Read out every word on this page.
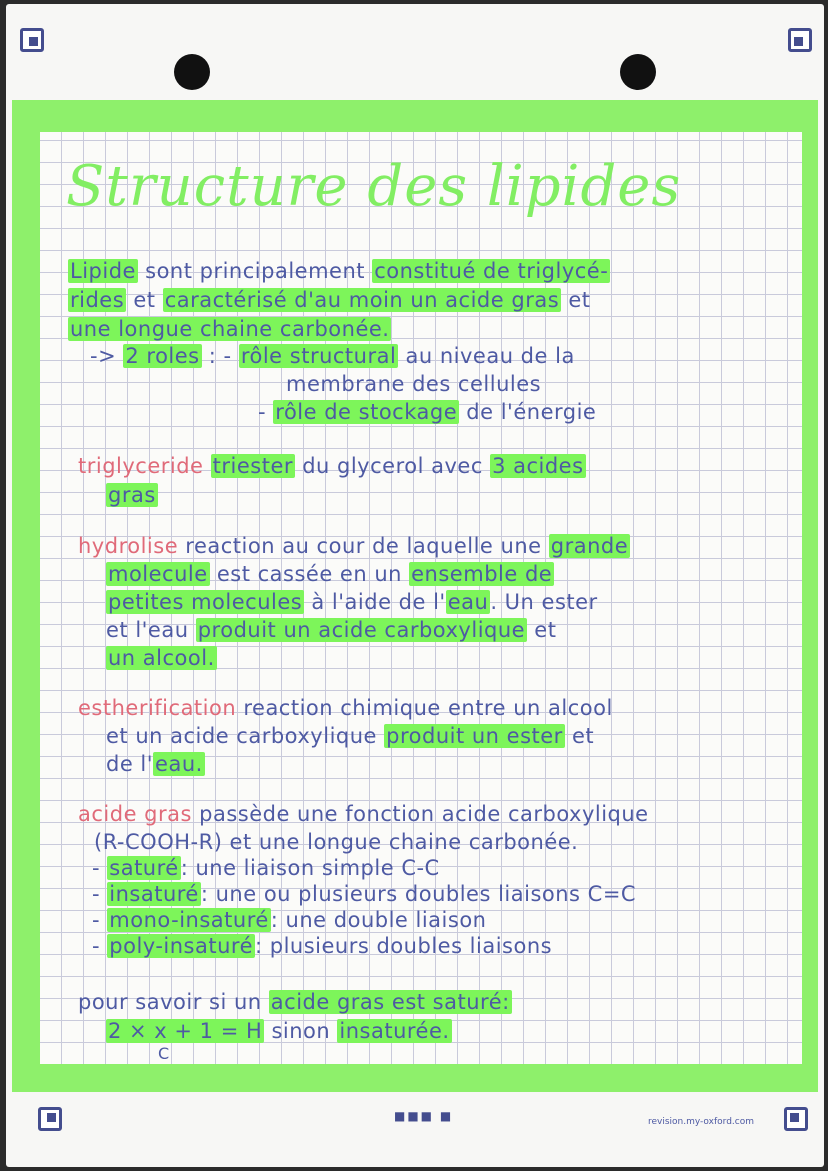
Structure des lipides
Lipide sont principalement constitué de triglycé-
rides et caractérisé d'au moin un acide gras et
une longue chaine carbonée.
-> 2 roles : - rôle structural au niveau de la
membrane des cellules
- rôle de stockage de l'énergie
triglyceride triester du glycerol avec 3 acides
gras
hydrolise reaction au cour de laquelle une grande
molecule est cassée en un ensemble de
petites molecules à l'aide de l'eau. Un ester
et l'eau produit un acide carboxylique et
un alcool.
estherification reaction chimique entre un alcool
et un acide carboxylique produit un ester et
de l'eau.
acide gras passède une fonction acide carboxylique
(R-COOH-R) et une longue chaine carbonée.
- saturé: une liaison simple C-C
- insaturé: une ou plusieurs doubles liaisons C=C
- mono-insaturé: une double liaison
- poly-insaturé: plusieurs doubles liaisons
pour savoir si un acide gras est saturé:
2 × x + 1 = H sinon insaturée.
C
■■■ ■	revision.my-oxford.com
